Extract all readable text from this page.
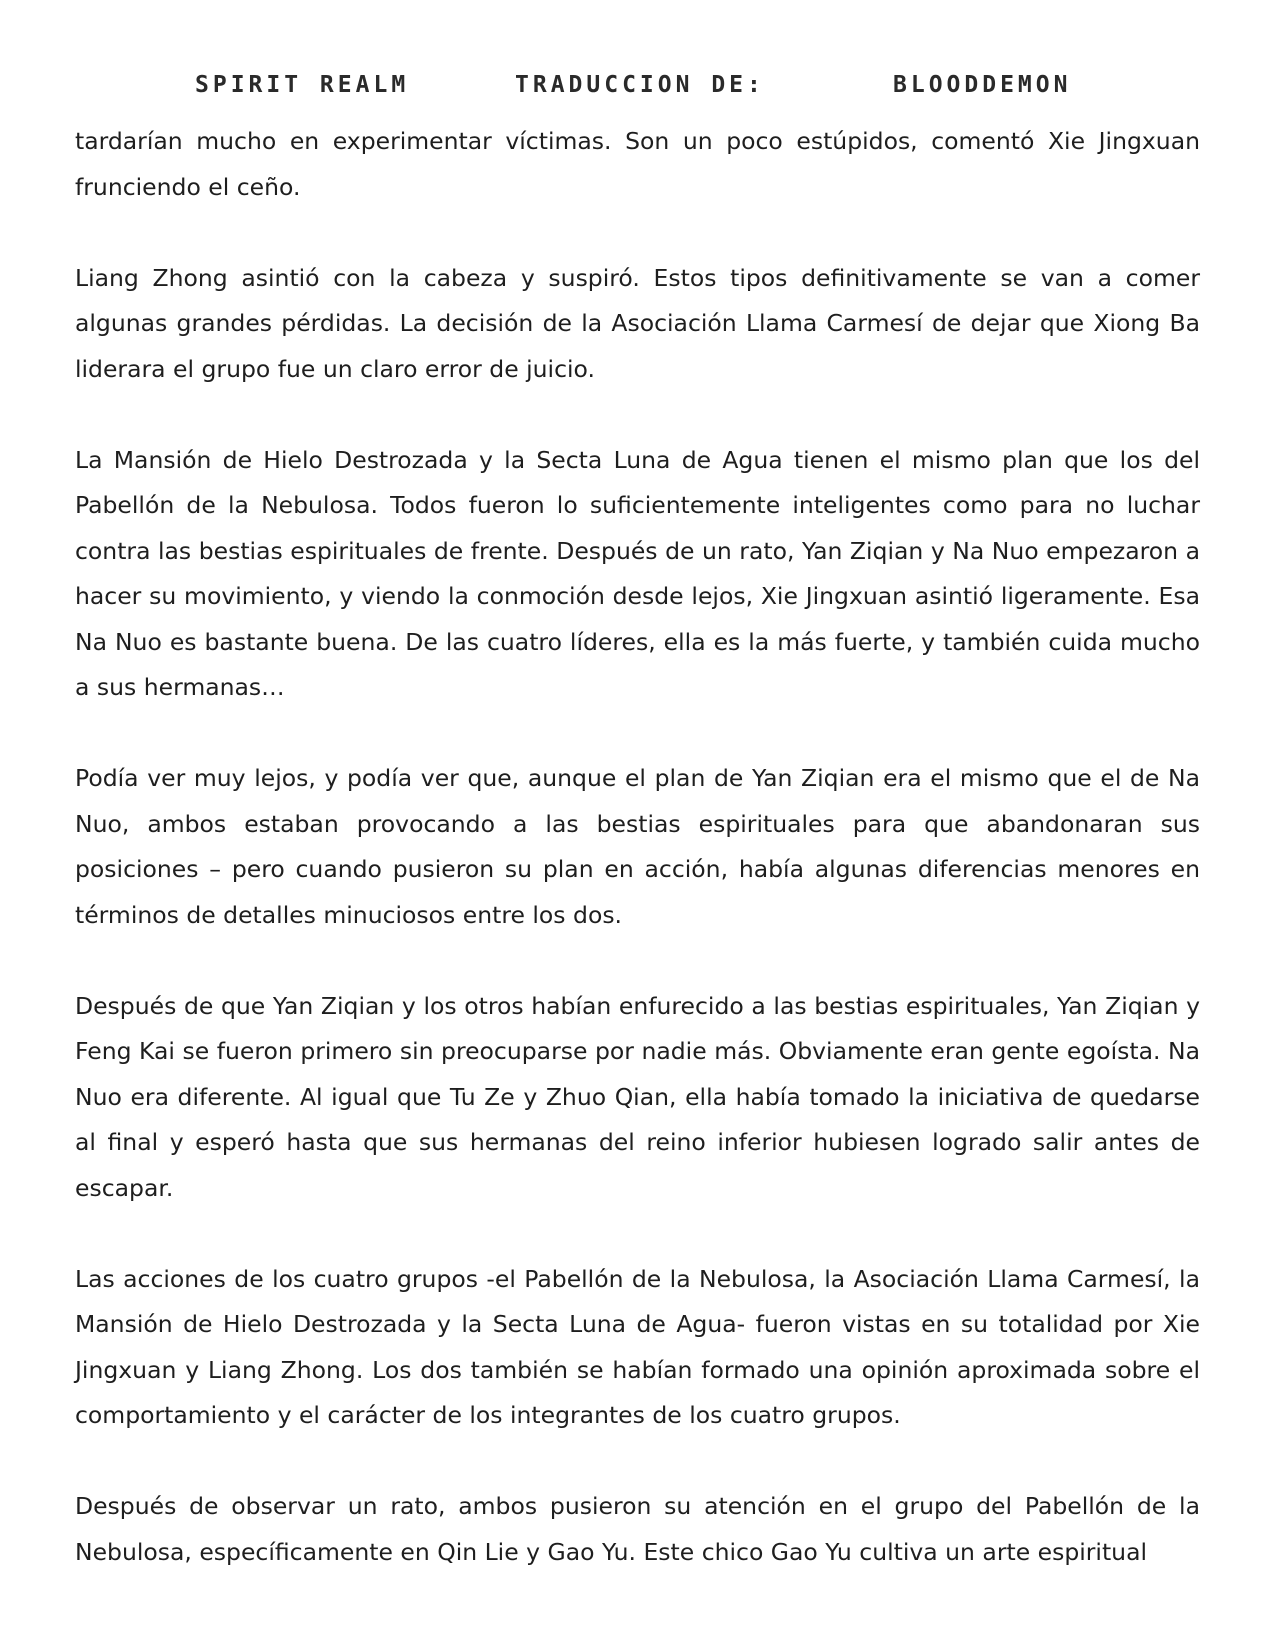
SPIRIT REALM	TRADUCCION DE:	BLOODDEMON

tardarían mucho en experimentar víctimas. Son un poco estúpidos, comentó Xie Jingxuan frunciendo el ceño.

Liang Zhong asintió con la cabeza y suspiró. Estos tipos definitivamente se van a comer algunas grandes pérdidas. La decisión de la Asociación Llama Carmesí de dejar que Xiong Ba liderara el grupo fue un claro error de juicio.

La Mansión de Hielo Destrozada y la Secta Luna de Agua tienen el mismo plan que los del Pabellón de la Nebulosa. Todos fueron lo suficientemente inteligentes como para no luchar contra las bestias espirituales de frente. Después de un rato, Yan Ziqian y Na Nuo empezaron a hacer su movimiento, y viendo la conmoción desde lejos, Xie Jingxuan asintió ligeramente. Esa Na Nuo es bastante buena. De las cuatro líderes, ella es la más fuerte, y también cuida mucho a sus hermanas…

Podía ver muy lejos, y podía ver que, aunque el plan de Yan Ziqian era el mismo que el de Na Nuo, ambos estaban provocando a las bestias espirituales para que abandonaran sus posiciones – pero cuando pusieron su plan en acción, había algunas diferencias menores en términos de detalles minuciosos entre los dos.

Después de que Yan Ziqian y los otros habían enfurecido a las bestias espirituales, Yan Ziqian y Feng Kai se fueron primero sin preocuparse por nadie más. Obviamente eran gente egoísta. Na Nuo era diferente. Al igual que Tu Ze y Zhuo Qian, ella había tomado la iniciativa de quedarse al final y esperó hasta que sus hermanas del reino inferior hubiesen logrado salir antes de escapar.

Las acciones de los cuatro grupos -el Pabellón de la Nebulosa, la Asociación Llama Carmesí, la Mansión de Hielo Destrozada y la Secta Luna de Agua- fueron vistas en su totalidad por Xie Jingxuan y Liang Zhong. Los dos también se habían formado una opinión aproximada sobre el comportamiento y el carácter de los integrantes de los cuatro grupos.

Después de observar un rato, ambos pusieron su atención en el grupo del Pabellón de la Nebulosa, específicamente en Qin Lie y Gao Yu. Este chico Gao Yu cultiva un arte espiritual
